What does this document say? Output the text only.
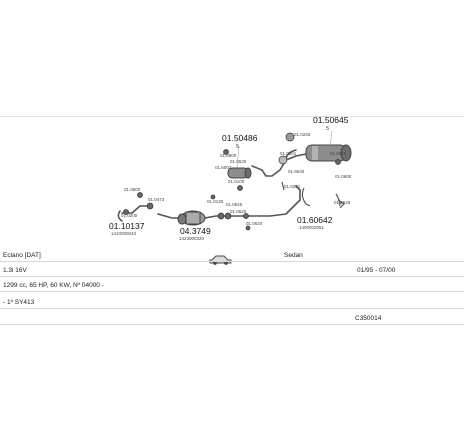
01.50645
5
01.50486
5
01.60642
1400002051
04.3749
1423000320
01.10137
1410000043
01.0225
01.8800	01.0201	01.0625
01.0620
01.6002
01.0100
01.9630
01.0600
01.0500
01.0473
01.0201
01.0120
01.0625
01.0620
01.0526
01.0620
01.0200
Eclano [DAT]	Sedan
1.3i 16V	01/95 - 07/00
1299 cc, 65 HP, 60 KW, Nº 04000 -
- 1º SY413
C350014
